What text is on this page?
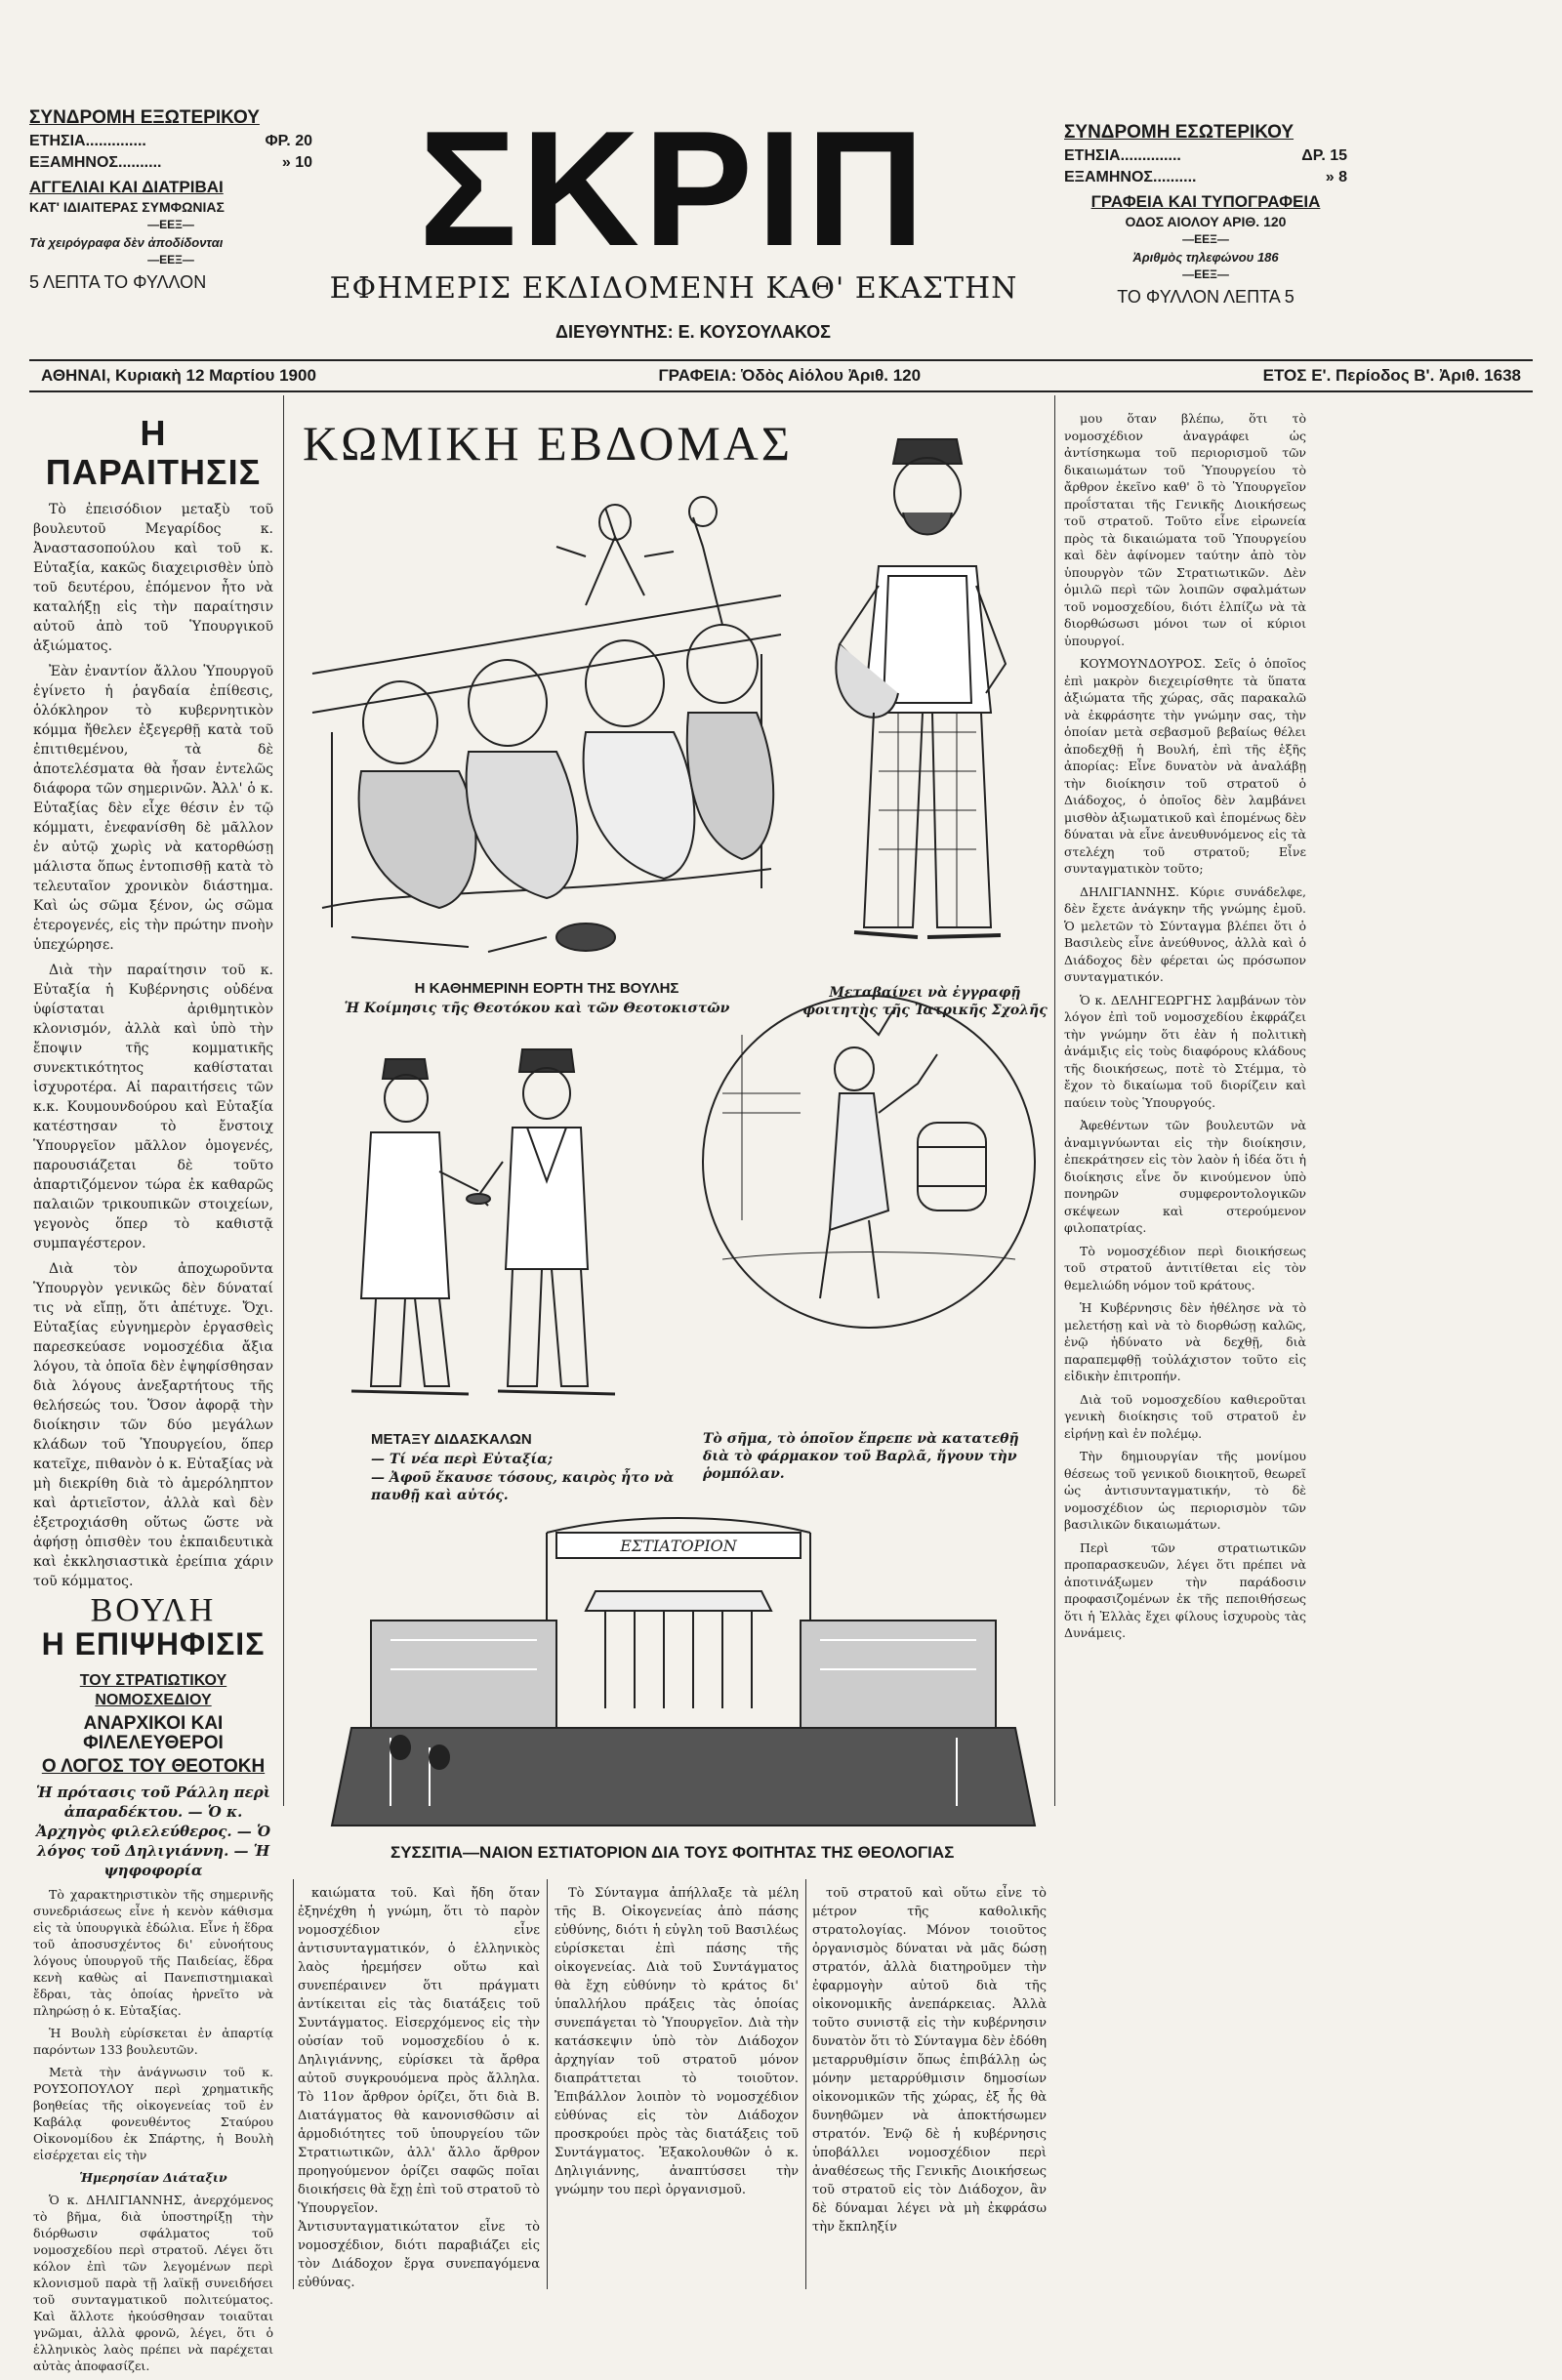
ΣΥΝΔΡΟΜΗ ΕΞΩΤΕΡΙΚΟΥ
ΕΤΗΣΙΑ..............	ΦΡ. 20
ΕΞΑΜΗΝΟΣ..........	» 10
ΑΓΓΕΛΙΑΙ ΚΑΙ ΔΙΑΤΡΙΒΑΙ
ΚΑΤ' ΙΔΙΑΙΤΕΡΑΣ ΣΥΜΦΩΝΙΑΣ
—ΕΕΞ—
Τὰ χειρόγραφα δὲν ἀποδίδονται
—ΕΕΞ—
5 ΛΕΠΤΑ ΤΟ ΦΥΛΛΟΝ
ΣΚΡΙΠ
ΕΦΗΜΕΡΙΣ ΕΚΔΙΔΟΜΕΝΗ ΚΑΘ' ΕΚΑΣΤΗΝ
ΔΙΕΥΘΥΝΤΗΣ: Ε. ΚΟΥΣΟΥΛΑΚΟΣ
ΣΥΝΔΡΟΜΗ ΕΣΩΤΕΡΙΚΟΥ
ΕΤΗΣΙΑ..............	ΔΡ. 15
ΕΞΑΜΗΝΟΣ..........	» 8
ΓΡΑΦΕΙΑ ΚΑΙ ΤΥΠΟΓΡΑΦΕΙΑ
ΟΔΟΣ ΑΙΟΛΟΥ ΑΡΙΘ. 120
—ΕΕΞ—
Ἀριθμὸς τηλεφώνου 186
—ΕΕΞ—
ΤΟ ΦΥΛΛΟΝ ΛΕΠΤΑ 5
ΑΘΗΝΑΙ, Κυριακὴ 12 Μαρτίου 1900	ΓΡΑΦΕΙΑ: Ὁδὸς Αἰόλου Ἀριθ. 120	ΕΤΟΣ Ε'. Περίοδος Β'. Ἀριθ. 1638
Η ΠΑΡΑΙΤΗΣΙΣ

Τὸ ἐπεισόδιον μεταξὺ τοῦ βουλευτοῦ Μεγαρίδος κ. Ἀναστασοπούλου καὶ τοῦ κ. Εὐταξία, κακῶς διαχειρισθὲν ὑπὸ τοῦ δευτέρου, ἐπόμενον ἦτο νὰ καταλήξῃ εἰς τὴν παραίτησιν αὐτοῦ ἀπὸ τοῦ Ὑπουργικοῦ ἀξιώματος.

Ἐὰν ἐναντίον ἄλλου Ὑπουργοῦ ἐγίνετο ἡ ῥαγδαία ἐπίθεσις, ὁλόκληρον τὸ κυβερνητικὸν κόμμα ἤθελεν ἐξεγερθῇ κατὰ τοῦ ἐπιτιθεμένου, τὰ δὲ ἀποτελέσματα θὰ ἦσαν ἐντελῶς διάφορα τῶν σημερινῶν. Ἀλλ' ὁ κ. Εὐταξίας δὲν εἶχε θέσιν ἐν τῷ κόμματι, ἐνεφανίσθη δὲ μᾶλλον ἐν αὐτῷ χωρὶς νὰ κατορθώσῃ μάλιστα ὅπως ἐντοπισθῇ κατὰ τὸ τελευταῖον χρονικὸν διάστημα. Καὶ ὡς σῶμα ξένον, ὡς σῶμα ἑτερογενές, εἰς τὴν πρώτην πνοὴν ὑπεχώρησε.

Διὰ τὴν παραίτησιν τοῦ κ. Εὐταξία ἡ Κυβέρνησις οὐδένα ὑφίσταται ἀριθμητικὸν κλονισμόν, ἀλλὰ καὶ ὑπὸ τὴν ἔποψιν τῆς κομματικῆς συνεκτικότητος καθίσταται ἰσχυροτέρα. Αἱ παραιτήσεις τῶν κ.κ. Κουμουνδούρου καὶ Εὐταξία κατέστησαν τὸ ἔνστοιχ Ὑπουργεῖον μᾶλλον ὁμογενές, παρουσιάζεται δὲ τοῦτο ἀπαρτιζόμενον τώρα ἐκ καθαρῶς παλαιῶν τρικουπικῶν στοιχείων, γεγονὸς ὅπερ τὸ καθιστᾷ συμπαγέστερον.

Διὰ τὸν ἀποχωροῦντα Ὑπουργὸν γενικῶς δὲν δύναταί τις νὰ εἴπῃ, ὅτι ἀπέτυχε. Ὄχι. Εὐταξίας εὐγνημερὸν ἐργασθεὶς παρεσκεύασε νομοσχέδια ἄξια λόγου, τὰ ὁποῖα δὲν ἐψηφίσθησαν διὰ λόγους ἀνεξαρτήτους τῆς θελήσεώς του. Ὅσον ἀφορᾷ τὴν διοίκησιν τῶν δύο μεγάλων κλάδων τοῦ Ὑπουργείου, ὅπερ κατεῖχε, πιθανὸν ὁ κ. Εὐταξίας νὰ μὴ διεκρίθη διὰ τὸ ἀμερόληπτον καὶ ἀρτιεῖστον, ἀλλὰ καὶ δὲν ἐξετροχιάσθη οὕτως ὥστε νὰ ἀφήσῃ ὁπισθὲν του ἐκπαιδευτικὰ καὶ ἐκκλησιαστικὰ ἐρείπια χάριν τοῦ κόμματος.

ΒΟΥΛΗ
Η ΕΠΙΨΗΦΙΣΙΣ
ΤΟΥ ΣΤΡΑΤΙΩΤΙΚΟΥ ΝΟΜΟΣΧΕΔΙΟΥ
ΑΝΑΡΧΙΚΟΙ ΚΑΙ ΦΙΛΕΛΕΥΘΕΡΟΙ
Ο ΛΟΓΟΣ ΤΟΥ ΘΕΟΤΟΚΗ
Ἡ πρότασις τοῦ Ράλλη περὶ ἀπαραδέκτου. — Ὁ κ. Ἀρχηγὸς φιλελεύθερος. — Ὁ λόγος τοῦ Δηλιγιάννη. — Ἡ ψηφοφορία

Τὸ χαρακτηριστικὸν τῆς σημερινῆς συνεδριάσεως εἶνε ἡ κενὸν κάθισμα εἰς τὰ ὑπουργικὰ ἑδώλια. Εἶνε ἡ ἕδρα τοῦ ἀποσυσχέντος δι' εὐνοήτους λόγους ὑπουργοῦ τῆς Παιδείας, ἕδρα κενὴ καθὼς αἱ Πανεπιστημιακαὶ ἔδραι, τὰς ὁποίας ἠρνεῖτο νὰ πληρώσῃ ὁ κ. Εὐταξίας.

Ἡ Βουλὴ εὑρίσκεται ἐν ἀπαρτίᾳ παρόντων 133 βουλευτῶν.

Μετὰ τὴν ἀνάγνωσιν τοῦ κ. ΡΟΥΣΟΠΟΥΛΟΥ περὶ χρηματικῆς βοηθείας τῆς οἰκογενείας τοῦ ἐν Καβάλᾳ φονευθέντος Σταύρου Οἰκονομίδου ἐκ Σπάρτης, ἡ Βουλὴ εἰσέρχεται εἰς τὴν

Ἡμερησίαν Διάταξιν

Ὁ κ. ΔΗΛΙΓΙΑΝΝΗΣ, ἀνερχόμενος τὸ βῆμα, διὰ ὑποστηρίξῃ τὴν διόρθωσιν σφάλματος τοῦ νομοσχεδίου περὶ στρατοῦ. Λέγει ὅτι κόλον ἐπὶ τῶν λεγομένων περὶ κλονισμοῦ παρὰ τῇ λαϊκῇ συνειδήσει τοῦ συνταγματικοῦ πολιτεύματος. Καὶ ἄλλοτε ἠκούσθησαν τοιαῦται γνῶμαι, ἀλλὰ φρονῶ, λέγει, ὅτι ὁ ἑλληνικὸς λαὸς πρέπει νὰ παρέχεται αὐτὰς ἀποφασίζει.

ΚΩΜΙΚΗ ΕΒΔΟΜΑΣ
Η ΚΑΘΗΜΕΡΙΝΗ ΕΟΡΤΗ ΤΗΣ ΒΟΥΛΗΣ
Ἡ Κοίμησις τῆς Θεοτόκου καὶ τῶν Θεοτοκιστῶν
Μεταβαίνει νὰ ἐγγραφῇ φοιτητὴς τῆς Ἰατρικῆς Σχολῆς
ΜΕΤΑΞΥ ΔΙΔΑΣΚΑΛΩΝ
— Τί νέα περὶ Εὐταξία;
— Ἀφοῦ ἔκαυσε τόσους, καιρὸς ἦτο νὰ παυθῇ καὶ αὐτός.
Τὸ σῆμα, τὸ ὁποῖον ἔπρεπε νὰ κατατεθῇ διὰ τὸ φάρμακον τοῦ Βαρλᾶ, ἤγουν τὴν ῥομπόλαν.
ΕΣΤΙΑΤΟΡΙΟΝ
ΣΥΣΣΙΤΙΑ—ΝΑΙΟΝ ΕΣΤΙΑΤΟΡΙΟΝ ΔΙΑ ΤΟΥΣ ΦΟΙΤΗΤΑΣ ΤΗΣ ΘΕΟΛΟΓΙΑΣ

μου ὅταν βλέπω, ὅτι τὸ νομοσχέδιον ἀναγράφει ὡς ἀντίσηκωμα τοῦ περιορισμοῦ τῶν δικαιωμάτων τοῦ Ὑπουργείου τὸ ἄρθρον ἐκεῖνο καθ' ὃ τὸ Ὑπουργεῖον προΐσταται τῆς Γενικῆς Διοικήσεως τοῦ στρατοῦ. Τοῦτο εἶνε εἰρωνεία πρὸς τὰ δικαιώματα τοῦ Ὑπουργείου καὶ δὲν ἀφίνομεν ταύτην ἀπὸ τὸν ὑπουργὸν τῶν Στρατιωτικῶν. Δὲν ὁμιλῶ περὶ τῶν λοιπῶν σφαλμάτων τοῦ νομοσχεδίου, διότι ἐλπίζω νὰ τὰ διορθώσωσι μόνοι των οἱ κύριοι ὑπουργοί.

ΚΟΥΜΟΥΝΔΟΥΡΟΣ. Σεῖς ὁ ὁποῖος ἐπὶ μακρὸν διεχειρίσθητε τὰ ὕπατα ἀξιώματα τῆς χώρας, σᾶς παρακαλῶ νὰ ἐκφράσητε τὴν γνώμην σας, τὴν ὁποίαν μετὰ σεβασμοῦ βεβαίως θέλει ἀποδεχθῇ ἡ Βουλή, ἐπὶ τῆς ἑξῆς ἀπορίας: Εἶνε δυνατὸν νὰ ἀναλάβῃ τὴν διοίκησιν τοῦ στρατοῦ ὁ Διάδοχος, ὁ ὁποῖος δὲν λαμβάνει μισθὸν ἀξιωματικοῦ καὶ ἑπομένως δὲν δύναται νὰ εἶνε ἀνευθυνόμενος εἰς τὰ στελέχη τοῦ στρατοῦ; Εἶνε συνταγματικὸν τοῦτο;

ΔΗΛΙΓΙΑΝΝΗΣ. Κύριε συνάδελφε, δὲν ἔχετε ἀνάγκην τῆς γνώμης ἐμοῦ. Ὁ μελετῶν τὸ Σύνταγμα βλέπει ὅτι ὁ Βασιλεὺς εἶνε ἀνεύθυνος, ἀλλὰ καὶ ὁ Διάδοχος δὲν φέρεται ὡς πρόσωπον συνταγματικόν.

Ὁ κ. ΔΕΛΗΓΕΩΡΓΗΣ λαμβάνων τὸν λόγον ἐπὶ τοῦ νομοσχεδίου ἐκφράζει τὴν γνώμην ὅτι ἐὰν ἡ πολιτικὴ ἀνάμιξις εἰς τοὺς διαφόρους κλάδους τῆς διοικήσεως, ποτὲ τὸ Στέμμα, τὸ ἔχον τὸ δικαίωμα τοῦ διορίζειν καὶ παύειν τοὺς Ὑπουργούς.

Ἀφεθέντων τῶν βουλευτῶν νὰ ἀναμιγνύωνται εἰς τὴν διοίκησιν, ἐπεκράτησεν εἰς τὸν λαὸν ἡ ἰδέα ὅτι ἡ διοίκησις εἶνε ὄν κινούμενον ὑπὸ πονηρῶν συμφεροντολογικῶν σκέψεων καὶ στερούμενον φιλοπατρίας.

Τὸ νομοσχέδιον περὶ διοικήσεως τοῦ στρατοῦ ἀντιτίθεται εἰς τὸν θεμελιώδη νόμον τοῦ κράτους.

Ἡ Κυβέρνησις δὲν ἠθέλησε νὰ τὸ μελετήσῃ καὶ νὰ τὸ διορθώσῃ καλῶς, ἐνῷ ἠδύνατο νὰ δεχθῇ, διὰ παραπεμφθῇ τοὐλάχιστον τοῦτο εἰς εἰδικὴν ἐπιτροπήν.

Διὰ τοῦ νομοσχεδίου καθιεροῦται γενικὴ διοίκησις τοῦ στρατοῦ ἐν εἰρήνῃ καὶ ἐν πολέμῳ.

Τὴν δημιουργίαν τῆς μονίμου θέσεως τοῦ γενικοῦ διοικητοῦ, θεωρεῖ ὡς ἀντισυνταγματικήν, τὸ δὲ νομοσχέδιον ὡς περιορισμὸν τῶν βασιλικῶν δικαιωμάτων.

Περὶ τῶν στρατιωτικῶν προπαρασκευῶν, λέγει ὅτι πρέπει νὰ ἀποτινάξωμεν τὴν παράδοσιν προφασιζομένων ἐκ τῆς πεποιθήσεως ὅτι ἡ Ἑλλὰς ἔχει φίλους ἰσχυροὺς τὰς Δυνάμεις.

καιώματα τοῦ. Καὶ ἤδη ὅταν ἐξηνέχθη ἡ γνώμη, ὅτι τὸ παρὸν νομοσχέδιον εἶνε ἀντισυνταγματικόν, ὁ ἑλληνικὸς λαὸς ἠρεμήσεν οὕτω καὶ συνεπέραινεν ὅτι πράγματι ἀντίκειται εἰς τὰς διατάξεις τοῦ Συντάγματος. Εἰσερχόμενος εἰς τὴν οὐσίαν τοῦ νομοσχεδίου ὁ κ. Δηλιγιάννης, εὑρίσκει τὰ ἄρθρα αὐτοῦ συγκρουόμενα πρὸς ἄλληλα. Τὸ 11ον ἄρθρον ὁρίζει, ὅτι διὰ Β. Διατάγματος θὰ κανονισθῶσιν αἱ ἁρμοδιότητες τοῦ ὑπουργείου τῶν Στρατιωτικῶν, ἀλλ' ἄλλο ἄρθρον προηγούμενον ὁρίζει σαφῶς ποῖαι διοικήσεις θὰ ἔχῃ ἐπὶ τοῦ στρατοῦ τὸ Ὑπουργεῖον. Ἀντισυνταγματικώτατον εἶνε τὸ νομοσχέδιον, διότι παραβιάζει εἰς τὸν Διάδοχον ἔργα συνεπαγόμενα εὐθύνας.

Τὸ Σύνταγμα ἀπήλλαξε τὰ μέλη τῆς Β. Οἰκογενείας ἀπὸ πάσης εὐθύνης, διότι ἡ εὐγλη τοῦ Βασιλέως εὑρίσκεται ἐπὶ πάσης τῆς οἰκογενείας. Διὰ τοῦ Συντάγματος θὰ ἔχη εὐθύνην τὸ κράτος δι' ὑπαλλήλου πράξεις τὰς ὁποίας συνεπάγεται τὸ Ὑπουργεῖον. Διὰ τὴν κατάσκεψιν ὑπὸ τὸν Διάδοχον ἀρχηγίαν τοῦ στρατοῦ μόνον διαπράττεται τὸ τοιοῦτον. Ἐπιβάλλον λοιπὸν τὸ νομοσχέδιον εὐθύνας εἰς τὸν Διάδοχον προσκρούει πρὸς τὰς διατάξεις τοῦ Συντάγματος. Ἐξακολουθῶν ὁ κ. Δηλιγιάννης, ἀναπτύσσει τὴν γνώμην του περὶ ὀργανισμοῦ.

τοῦ στρατοῦ καὶ οὕτω εἶνε τὸ μέτρον τῆς καθολικῆς στρατολογίας. Μόνον τοιοῦτος ὀργανισμὸς δύναται νὰ μᾶς δώσῃ στρατόν, ἀλλὰ διατηροῦμεν τὴν ἐφαρμογὴν αὐτοῦ διὰ τῆς οἰκονομικῆς ἀνεπάρκειας. Ἀλλὰ τοῦτο συνιστᾷ εἰς τὴν κυβέρνησιν δυνατὸν ὅτι τὸ Σύνταγμα δὲν ἐδόθη μεταρρυθμίσιν ὅπως ἐπιβάλλῃ ὡς μόνην μεταρρύθμισιν δημοσίων οἰκονομικῶν τῆς χώρας, ἐξ ἧς θὰ δυνηθῶμεν νὰ ἀποκτήσωμεν στρατόν. Ἐνῷ δὲ ἡ κυβέρνησις ὑποβάλλει νομοσχέδιον περὶ ἀναθέσεως τῆς Γενικῆς Διοικήσεως τοῦ στρατοῦ εἰς τὸν Διάδοχον, ἂν δὲ δύναμαι λέγει νὰ μὴ ἐκφράσω τὴν ἔκπληξίν
